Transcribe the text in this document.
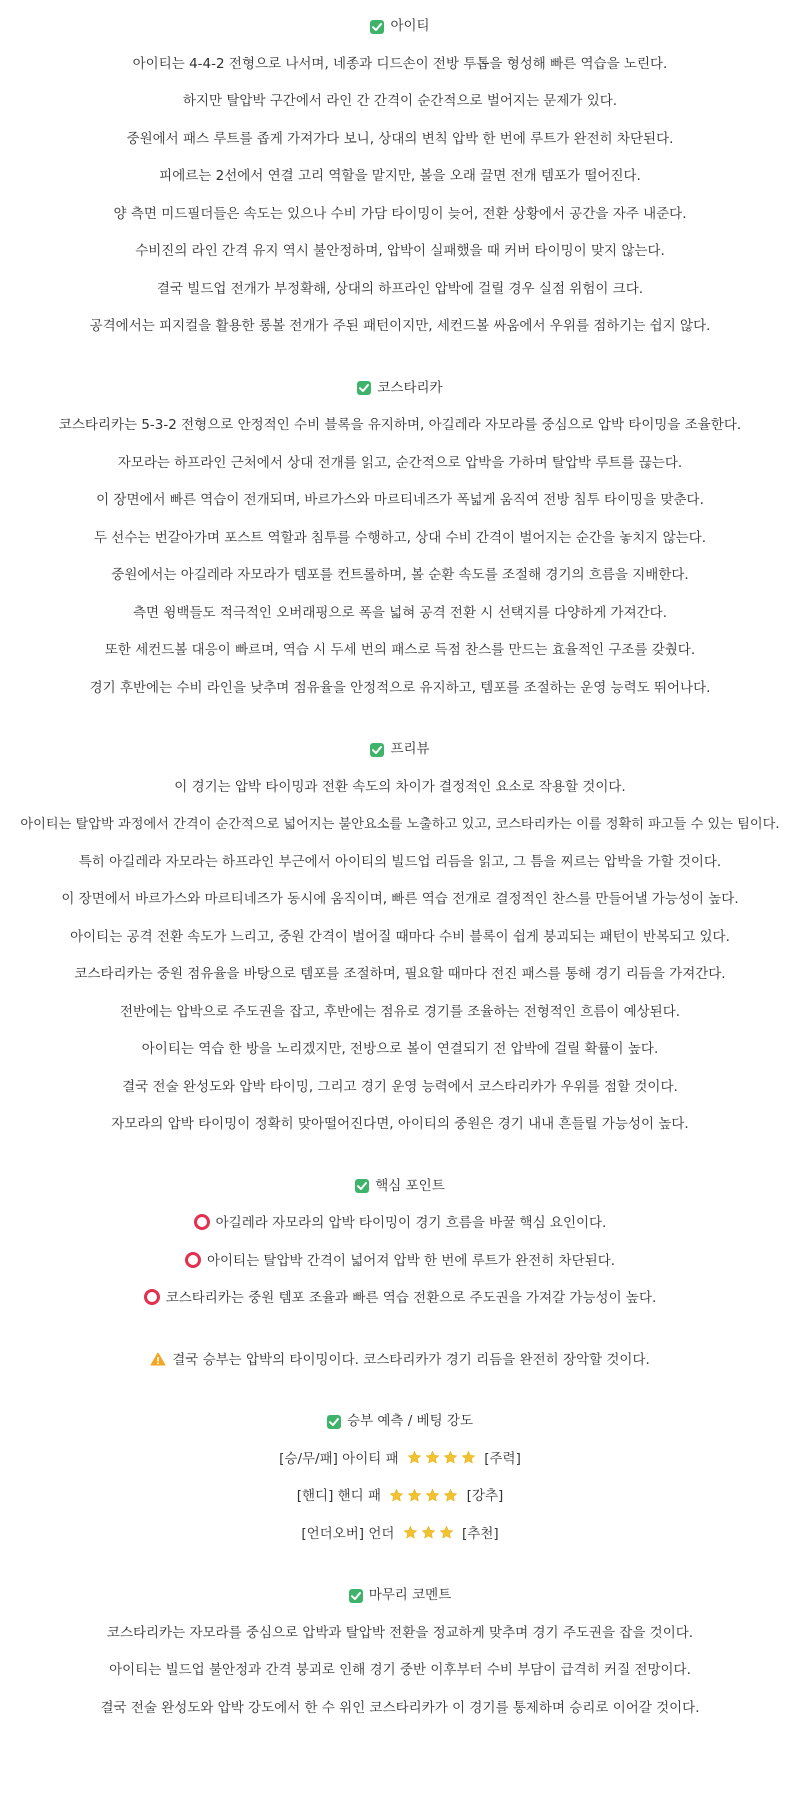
아이티
아이티는 4-4-2 전형으로 나서며, 네종과 디드손이 전방 투톱을 형성해 빠른 역습을 노린다.
하지만 탈압박 구간에서 라인 간 간격이 순간적으로 벌어지는 문제가 있다.
중원에서 패스 루트를 좁게 가져가다 보니, 상대의 변칙 압박 한 번에 루트가 완전히 차단된다.
피에르는 2선에서 연결 고리 역할을 맡지만, 볼을 오래 끌면 전개 템포가 떨어진다.
양 측면 미드필더들은 속도는 있으나 수비 가담 타이밍이 늦어, 전환 상황에서 공간을 자주 내준다.
수비진의 라인 간격 유지 역시 불안정하며, 압박이 실패했을 때 커버 타이밍이 맞지 않는다.
결국 빌드업 전개가 부정확해, 상대의 하프라인 압박에 걸릴 경우 실점 위험이 크다.
공격에서는 피지컬을 활용한 롱볼 전개가 주된 패턴이지만, 세컨드볼 싸움에서 우위를 점하기는 쉽지 않다.
코스타리카
코스타리카는 5-3-2 전형으로 안정적인 수비 블록을 유지하며, 아길레라 자모라를 중심으로 압박 타이밍을 조율한다.
자모라는 하프라인 근처에서 상대 전개를 읽고, 순간적으로 압박을 가하며 탈압박 루트를 끊는다.
이 장면에서 빠른 역습이 전개되며, 바르가스와 마르티네즈가 폭넓게 움직여 전방 침투 타이밍을 맞춘다.
두 선수는 번갈아가며 포스트 역할과 침투를 수행하고, 상대 수비 간격이 벌어지는 순간을 놓치지 않는다.
중원에서는 아길레라 자모라가 템포를 컨트롤하며, 볼 순환 속도를 조절해 경기의 흐름을 지배한다.
측면 윙백들도 적극적인 오버래핑으로 폭을 넓혀 공격 전환 시 선택지를 다양하게 가져간다.
또한 세컨드볼 대응이 빠르며, 역습 시 두세 번의 패스로 득점 찬스를 만드는 효율적인 구조를 갖췄다.
경기 후반에는 수비 라인을 낮추며 점유율을 안정적으로 유지하고, 템포를 조절하는 운영 능력도 뛰어나다.
프리뷰
이 경기는 압박 타이밍과 전환 속도의 차이가 결정적인 요소로 작용할 것이다.
아이티는 탈압박 과정에서 간격이 순간적으로 넓어지는 불안요소를 노출하고 있고, 코스타리카는 이를 정확히 파고들 수 있는 팀이다.
특히 아길레라 자모라는 하프라인 부근에서 아이티의 빌드업 리듬을 읽고, 그 틈을 찌르는 압박을 가할 것이다.
이 장면에서 바르가스와 마르티네즈가 동시에 움직이며, 빠른 역습 전개로 결정적인 찬스를 만들어낼 가능성이 높다.
아이티는 공격 전환 속도가 느리고, 중원 간격이 벌어질 때마다 수비 블록이 쉽게 붕괴되는 패턴이 반복되고 있다.
코스타리카는 중원 점유율을 바탕으로 템포를 조절하며, 필요할 때마다 전진 패스를 통해 경기 리듬을 가져간다.
전반에는 압박으로 주도권을 잡고, 후반에는 점유로 경기를 조율하는 전형적인 흐름이 예상된다.
아이티는 역습 한 방을 노리겠지만, 전방으로 볼이 연결되기 전 압박에 걸릴 확률이 높다.
결국 전술 완성도와 압박 타이밍, 그리고 경기 운영 능력에서 코스타리카가 우위를 점할 것이다.
자모라의 압박 타이밍이 정확히 맞아떨어진다면, 아이티의 중원은 경기 내내 흔들릴 가능성이 높다.
핵심 포인트
아길레라 자모라의 압박 타이밍이 경기 흐름을 바꿀 핵심 요인이다.
아이티는 탈압박 간격이 넓어져 압박 한 번에 루트가 완전히 차단된다.
코스타리카는 중원 템포 조율과 빠른 역습 전환으로 주도권을 가져갈 가능성이 높다.
결국 승부는 압박의 타이밍이다. 코스타리카가 경기 리듬을 완전히 장악할 것이다.
승부 예측 / 베팅 강도
[승/무/패] 아이티 패	[주력]
[핸디] 핸디 패	[강추]
[언더오버] 언더	[추천]
마무리 코멘트
코스타리카는 자모라를 중심으로 압박과 탈압박 전환을 정교하게 맞추며 경기 주도권을 잡을 것이다.
아이티는 빌드업 불안정과 간격 붕괴로 인해 경기 중반 이후부터 수비 부담이 급격히 커질 전망이다.
결국 전술 완성도와 압박 강도에서 한 수 위인 코스타리카가 이 경기를 통제하며 승리로 이어갈 것이다.
